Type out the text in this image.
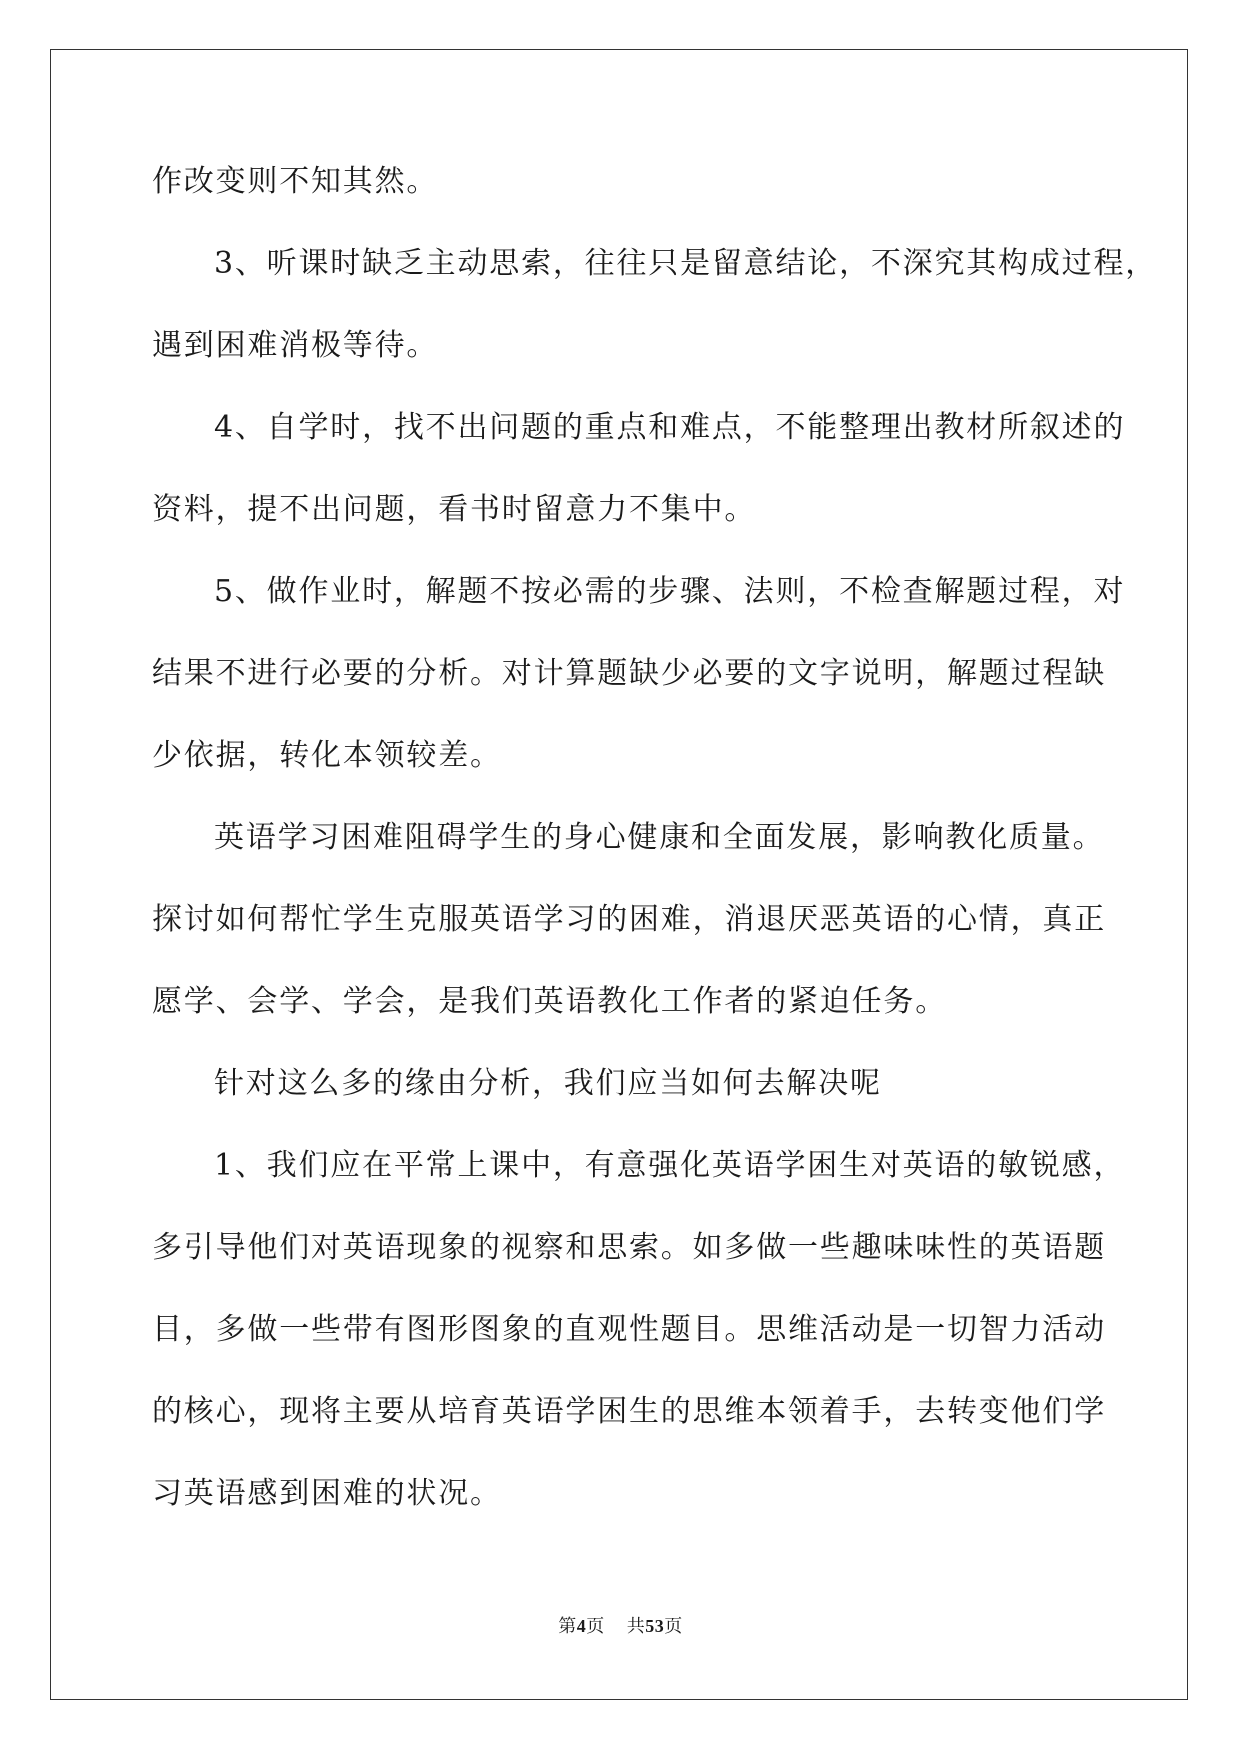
作改变则不知其然。
3、听课时缺乏主动思索，往往只是留意结论，不深究其构成过程，
遇到困难消极等待。
4、自学时，找不出问题的重点和难点，不能整理出教材所叙述的
资料，提不出问题，看书时留意力不集中。
5、做作业时，解题不按必需的步骤、法则，不检查解题过程，对
结果不进行必要的分析。对计算题缺少必要的文字说明，解题过程缺
少依据，转化本领较差。
英语学习困难阻碍学生的身心健康和全面发展，影响教化质量。
探讨如何帮忙学生克服英语学习的困难，消退厌恶英语的心情，真正
愿学、会学、学会，是我们英语教化工作者的紧迫任务。
针对这么多的缘由分析，我们应当如何去解决呢
1、我们应在平常上课中，有意强化英语学困生对英语的敏锐感，
多引导他们对英语现象的视察和思索。如多做一些趣味味性的英语题
目，多做一些带有图形图象的直观性题目。思维活动是一切智力活动
的核心，现将主要从培育英语学困生的思维本领着手，去转变他们学
习英语感到困难的状况。
第4页 共53页
